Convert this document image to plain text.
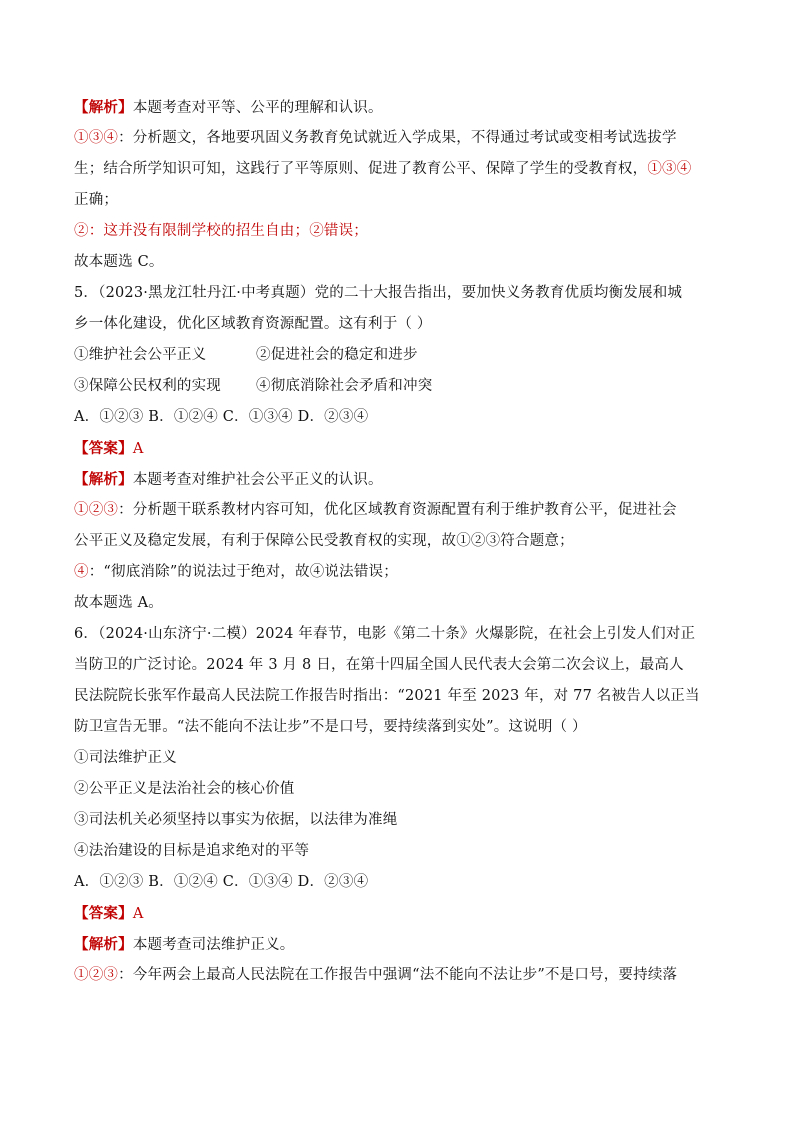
【解析】本题考查对平等、公平的理解和认识。
①③④：分析题文，各地要巩固义务教育免试就近入学成果，不得通过考试或变相考试选拔学
生；结合所学知识可知，这践行了平等原则、促进了教育公平、保障了学生的受教育权，①③④
正确；
②：这并没有限制学校的招生自由；②错误；
故本题选 C。
5．（2023·黑龙江牡丹江·中考真题）党的二十大报告指出，要加快义务教育优质均衡发展和城
乡一体化建设，优化区域教育资源配置。这有利于（ ）
①维护社会公平正义	②促进社会的稳定和进步
③保障公民权利的实现 ④彻底消除社会矛盾和冲突
A．①②③ B．①②④ C．①③④ D．②③④
【答案】A
【解析】本题考查对维护社会公平正义的认识。
①②③：分析题干联系教材内容可知，优化区域教育资源配置有利于维护教育公平，促进社会
公平正义及稳定发展，有利于保障公民受教育权的实现，故①②③符合题意；
④：“彻底消除”的说法过于绝对，故④说法错误；
故本题选 A。
6．（2024·山东济宁·二模）2024 年春节，电影《第二十条》火爆影院，在社会上引发人们对正
当防卫的广泛讨论。2024 年 3 月 8 日，在第十四届全国人民代表大会第二次会议上，最高人
民法院院长张军作最高人民法院工作报告时指出：“2021 年至 2023 年，对 77 名被告人以正当
防卫宣告无罪。“法不能向不法让步”不是口号，要持续落到实处”。这说明（ ）
①司法维护正义
②公平正义是法治社会的核心价值
③司法机关必须坚持以事实为依据，以法律为准绳
④法治建设的目标是追求绝对的平等
A．①②③ B．①②④ C．①③④ D．②③④
【答案】A
【解析】本题考查司法维护正义。
①②③：今年两会上最高人民法院在工作报告中强调“法不能向不法让步”不是口号，要持续落
